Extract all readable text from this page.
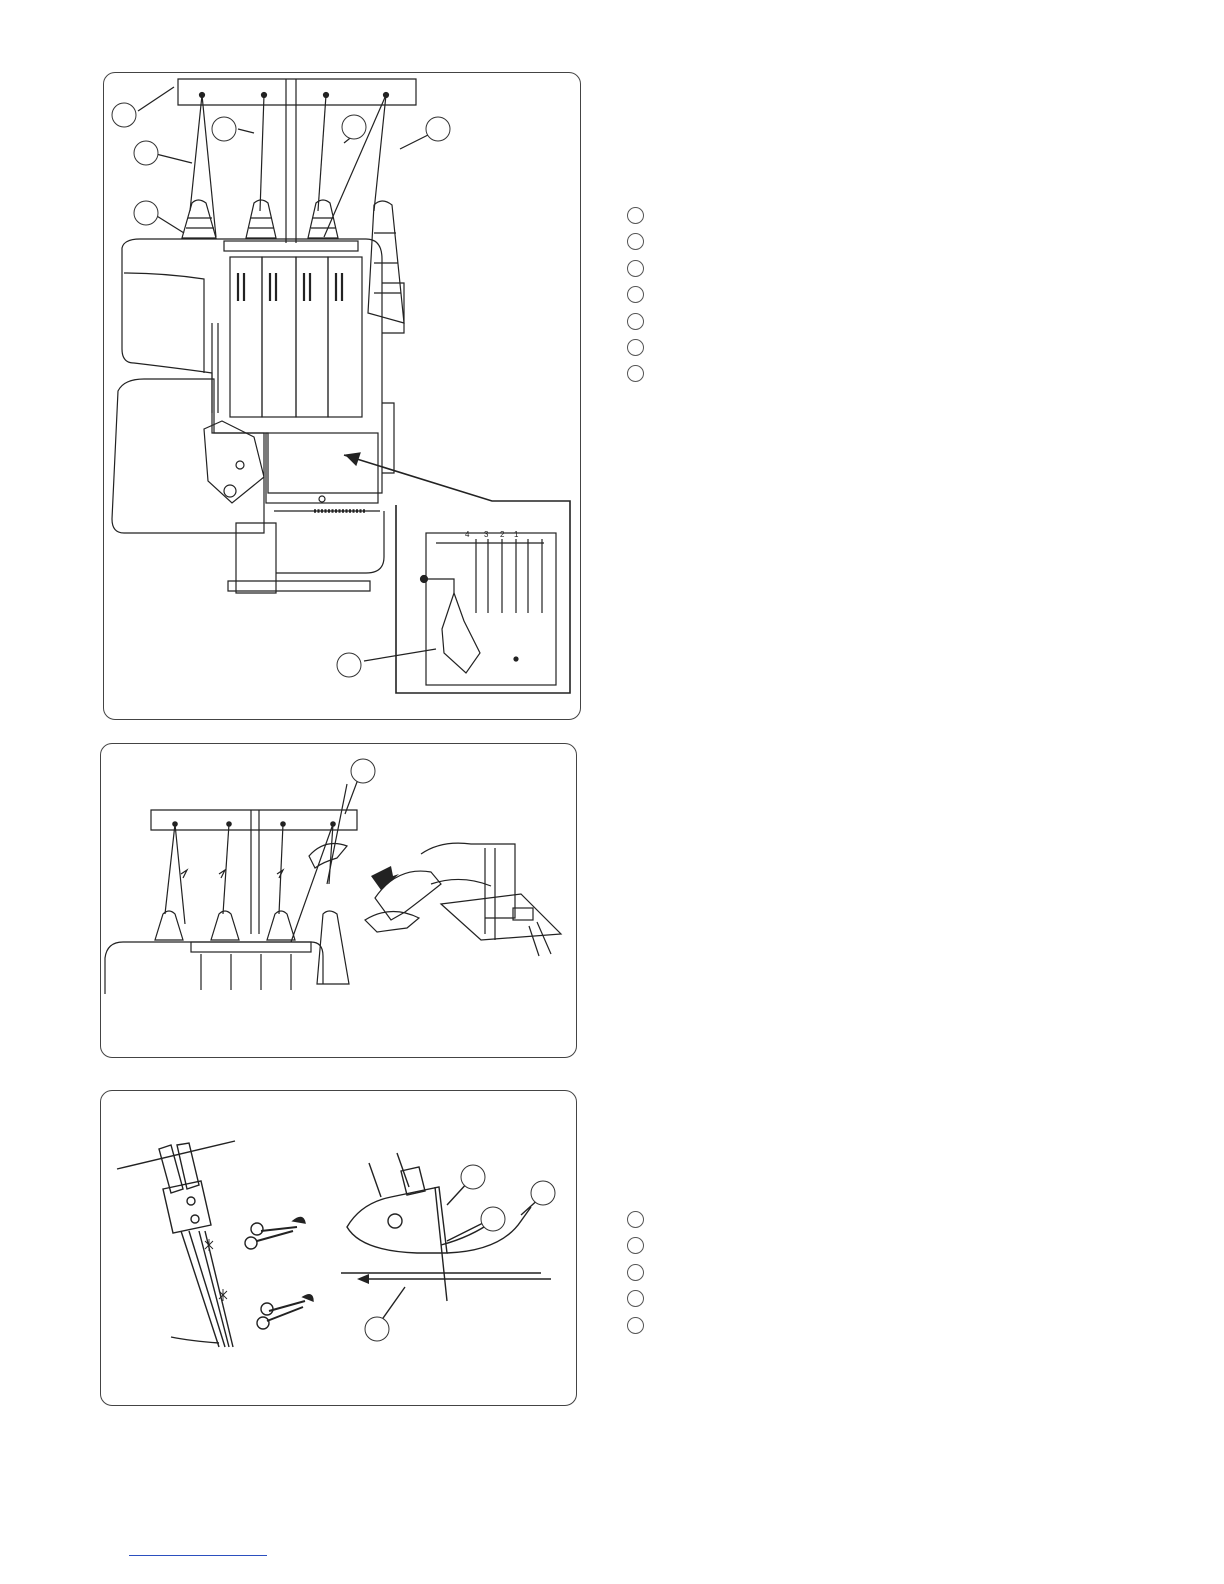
4 3 2 1
